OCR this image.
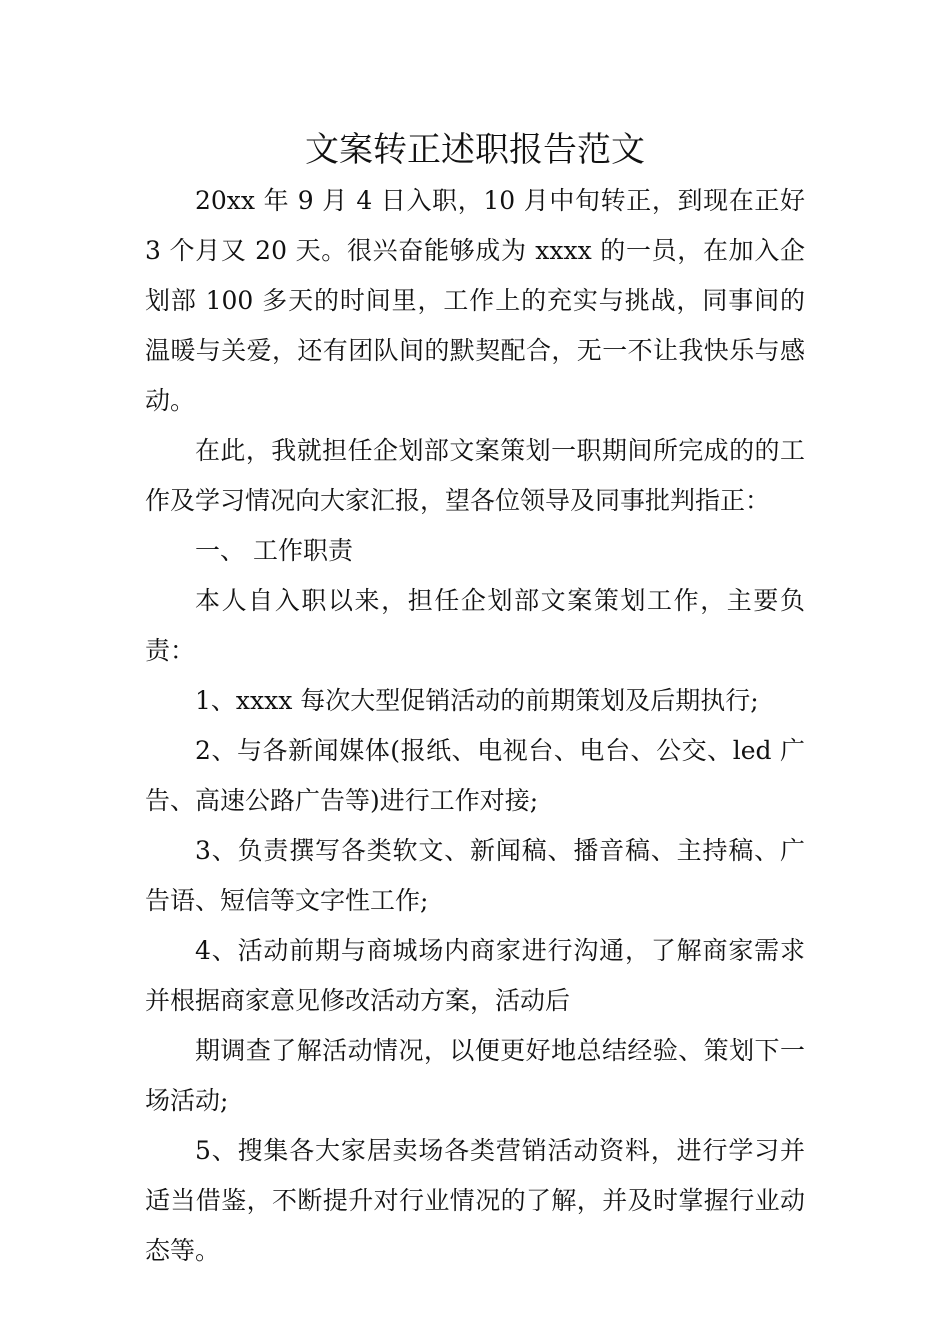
文案转正述职报告范文

20xx 年 9 月 4 日入职，10 月中旬转正，到现在正好 3 个月又 20 天。很兴奋能够成为 xxxx 的一员，在加入企划部 100 多天的时间里，工作上的充实与挑战，同事间的温暖与关爱，还有团队间的默契配合，无一不让我快乐与感动。

在此，我就担任企划部文案策划一职期间所完成的的工作及学习情况向大家汇报，望各位领导及同事批判指正：

一、 工作职责

本人自入职以来，担任企划部文案策划工作，主要负责：

1、xxxx 每次大型促销活动的前期策划及后期执行;

2、与各新闻媒体(报纸、电视台、电台、公交、led 广告、高速公路广告等)进行工作对接;

3、负责撰写各类软文、新闻稿、播音稿、主持稿、广告语、短信等文字性工作;

4、活动前期与商城场内商家进行沟通，了解商家需求并根据商家意见修改活动方案，活动后

期调查了解活动情况，以便更好地总结经验、策划下一场活动;

5、搜集各大家居卖场各类营销活动资料，进行学习并适当借鉴，不断提升对行业情况的了解，并及时掌握行业动态等。
